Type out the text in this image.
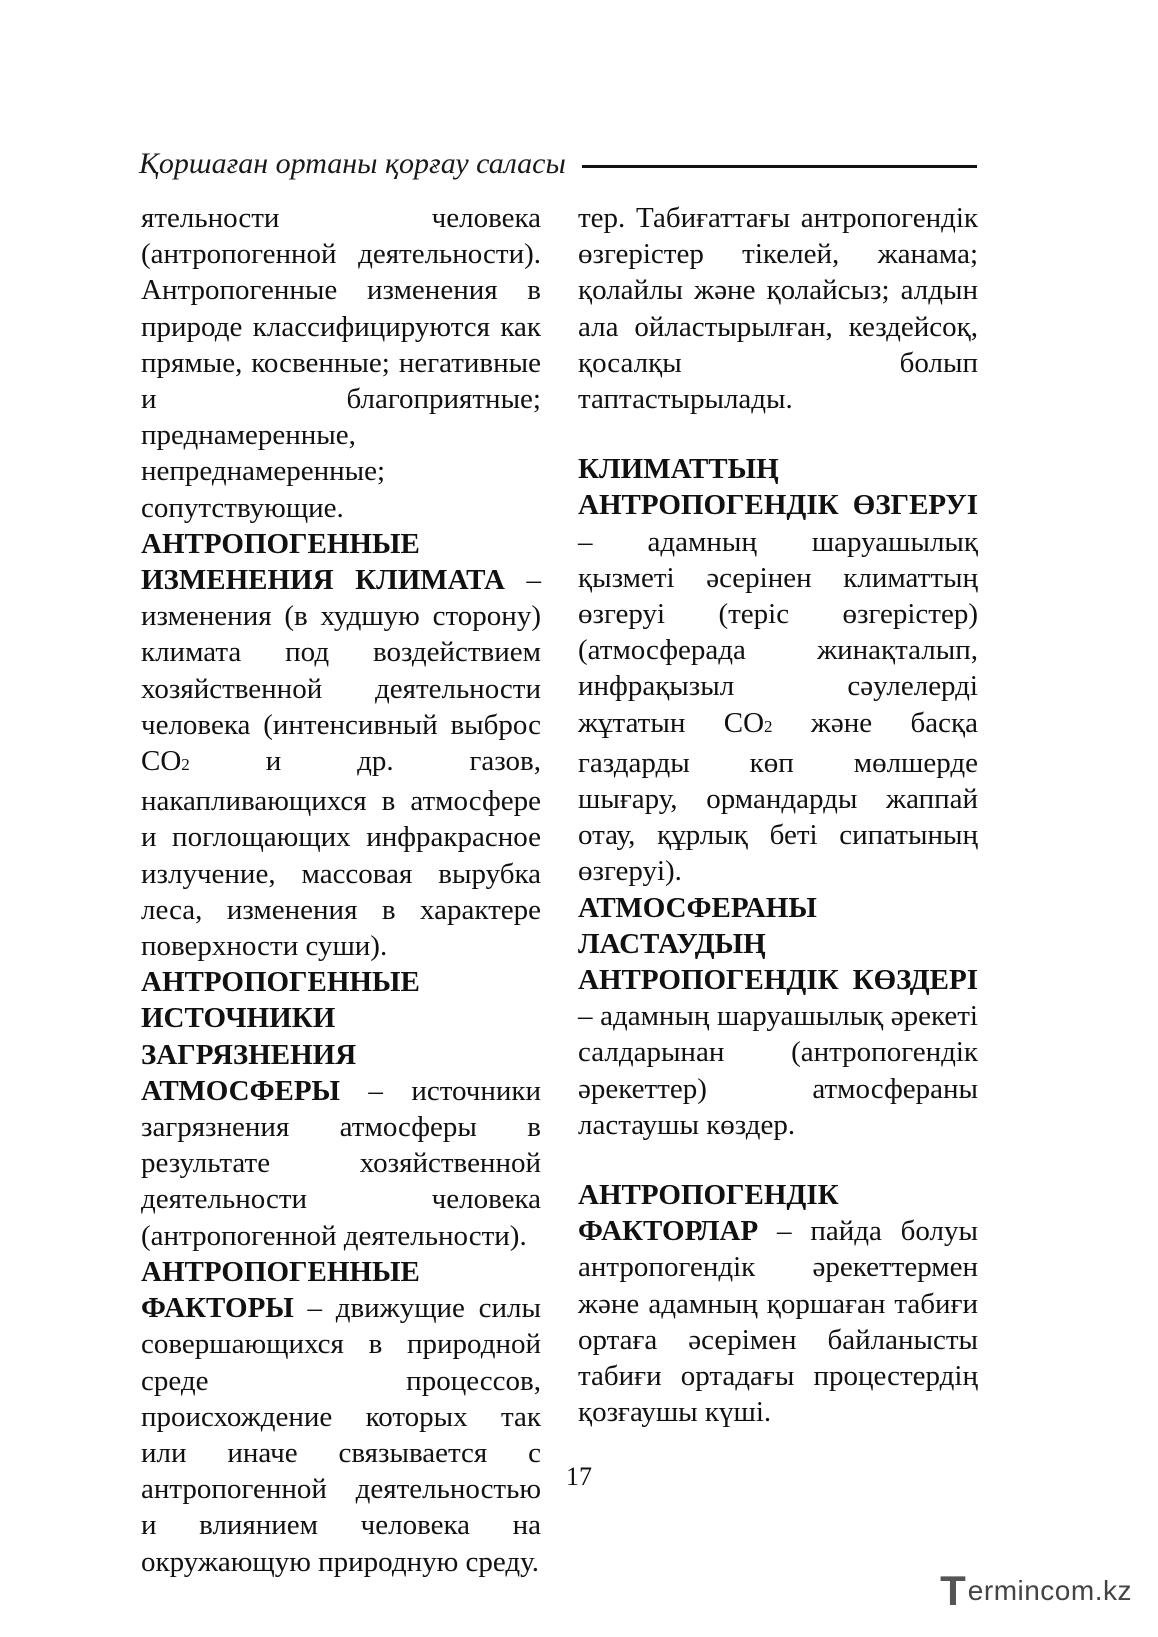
Қоршаған ортаны қорғау саласы

ятельности человека (антропогенной деятельности). Антропогенные изменения в природе классифицируются как прямые, косвенные; негативные и благоприятные; преднамеренные, непреднамеренные; сопутствующие.

АНТРОПОГЕННЫЕ ИЗМЕНЕНИЯ КЛИМАТА – изменения (в худшую сторону) климата под воздействием хозяйственной деятельности человека (интенсивный выброс СО2 и др. газов, накапливающихся в атмосфере и поглощающих инфракрасное излучение, массовая вырубка леса, изменения в характере поверхности суши).

АНТРОПОГЕННЫЕ ИСТОЧНИКИ ЗАГРЯЗНЕНИЯ АТМОСФЕРЫ – источники загрязнения атмосферы в результате хозяйственной деятельности человека (антропогенной деятельности).

АНТРОПОГЕННЫЕ ФАКТОРЫ – движущие силы совершающихся в природной среде процессов, происхождение которых так или иначе связывается с антропогенной деятельностью и влиянием человека на окружающую природную среду.

тер. Табиғаттағы антропогендік өзгерістер тікелей, жанама; қолайлы және қолайсыз; алдын ала ойластырылған, кездейсоқ, қосалқы болып таптастырылады.

КЛИМАТТЫҢ АНТРОПОГЕНДІК ӨЗГЕРУІ – адамның шаруашылық қызметі әсерінен климаттың өзгеруі (теріс өзгерістер) (атмосферада жинақталып, инфрақызыл сәулелерді жұтатын СО2 және басқа газдарды көп мөлшерде шығару, ормандарды жаппай отау, құрлық беті сипатының өзгеруі).

АТМОСФЕРАНЫ ЛАСТАУДЫҢ АНТРОПОГЕНДІК КӨЗДЕРІ – адамның шаруашылық әрекеті салдарынан (антропогендік әрекеттер) атмосфераны ластаушы көздер.

АНТРОПОГЕНДІК ФАКТОРЛАР – пайда болуы антропогендік әрекеттермен және адамның қоршаған табиғи ортаға әсерімен байланысты табиғи ортадағы процестердің қозғаушы күші.

17
T ermincom.kz
